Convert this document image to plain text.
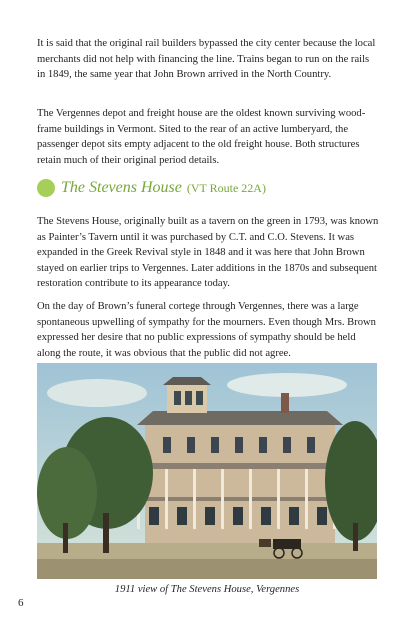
It is said that the original rail builders bypassed the city center because the local merchants did not help with financing the line. Trains began to run on the rails in 1849, the same year that John Brown arrived in the North Country.

The Vergennes depot and freight house are the oldest known surviving wood-frame buildings in Vermont. Sited to the rear of an active lumberyard, the passenger depot sits empty adjacent to the old freight house. Both structures retain much of their original period details.

The Stevens House (VT Route 22A)

The Stevens House, originally built as a tavern on the green in 1793, was known as Painter’s Tavern until it was purchased by C.T. and C.O. Stevens. It was expanded in the Greek Revival style in 1848 and it was here that John Brown stayed on earlier trips to Vergennes. Later additions in the 1870s and subsequent restoration contribute to its appearance today.

On the day of Brown’s funeral cortege through Vergennes, there was a large spontaneous upwelling of sympathy for the mourners. Even though Mrs. Brown expressed her desire that no public expressions of sympathy should be held along the route, it was obvious that the public did not agree.

1911 view of The Stevens House, Vergennes
6
